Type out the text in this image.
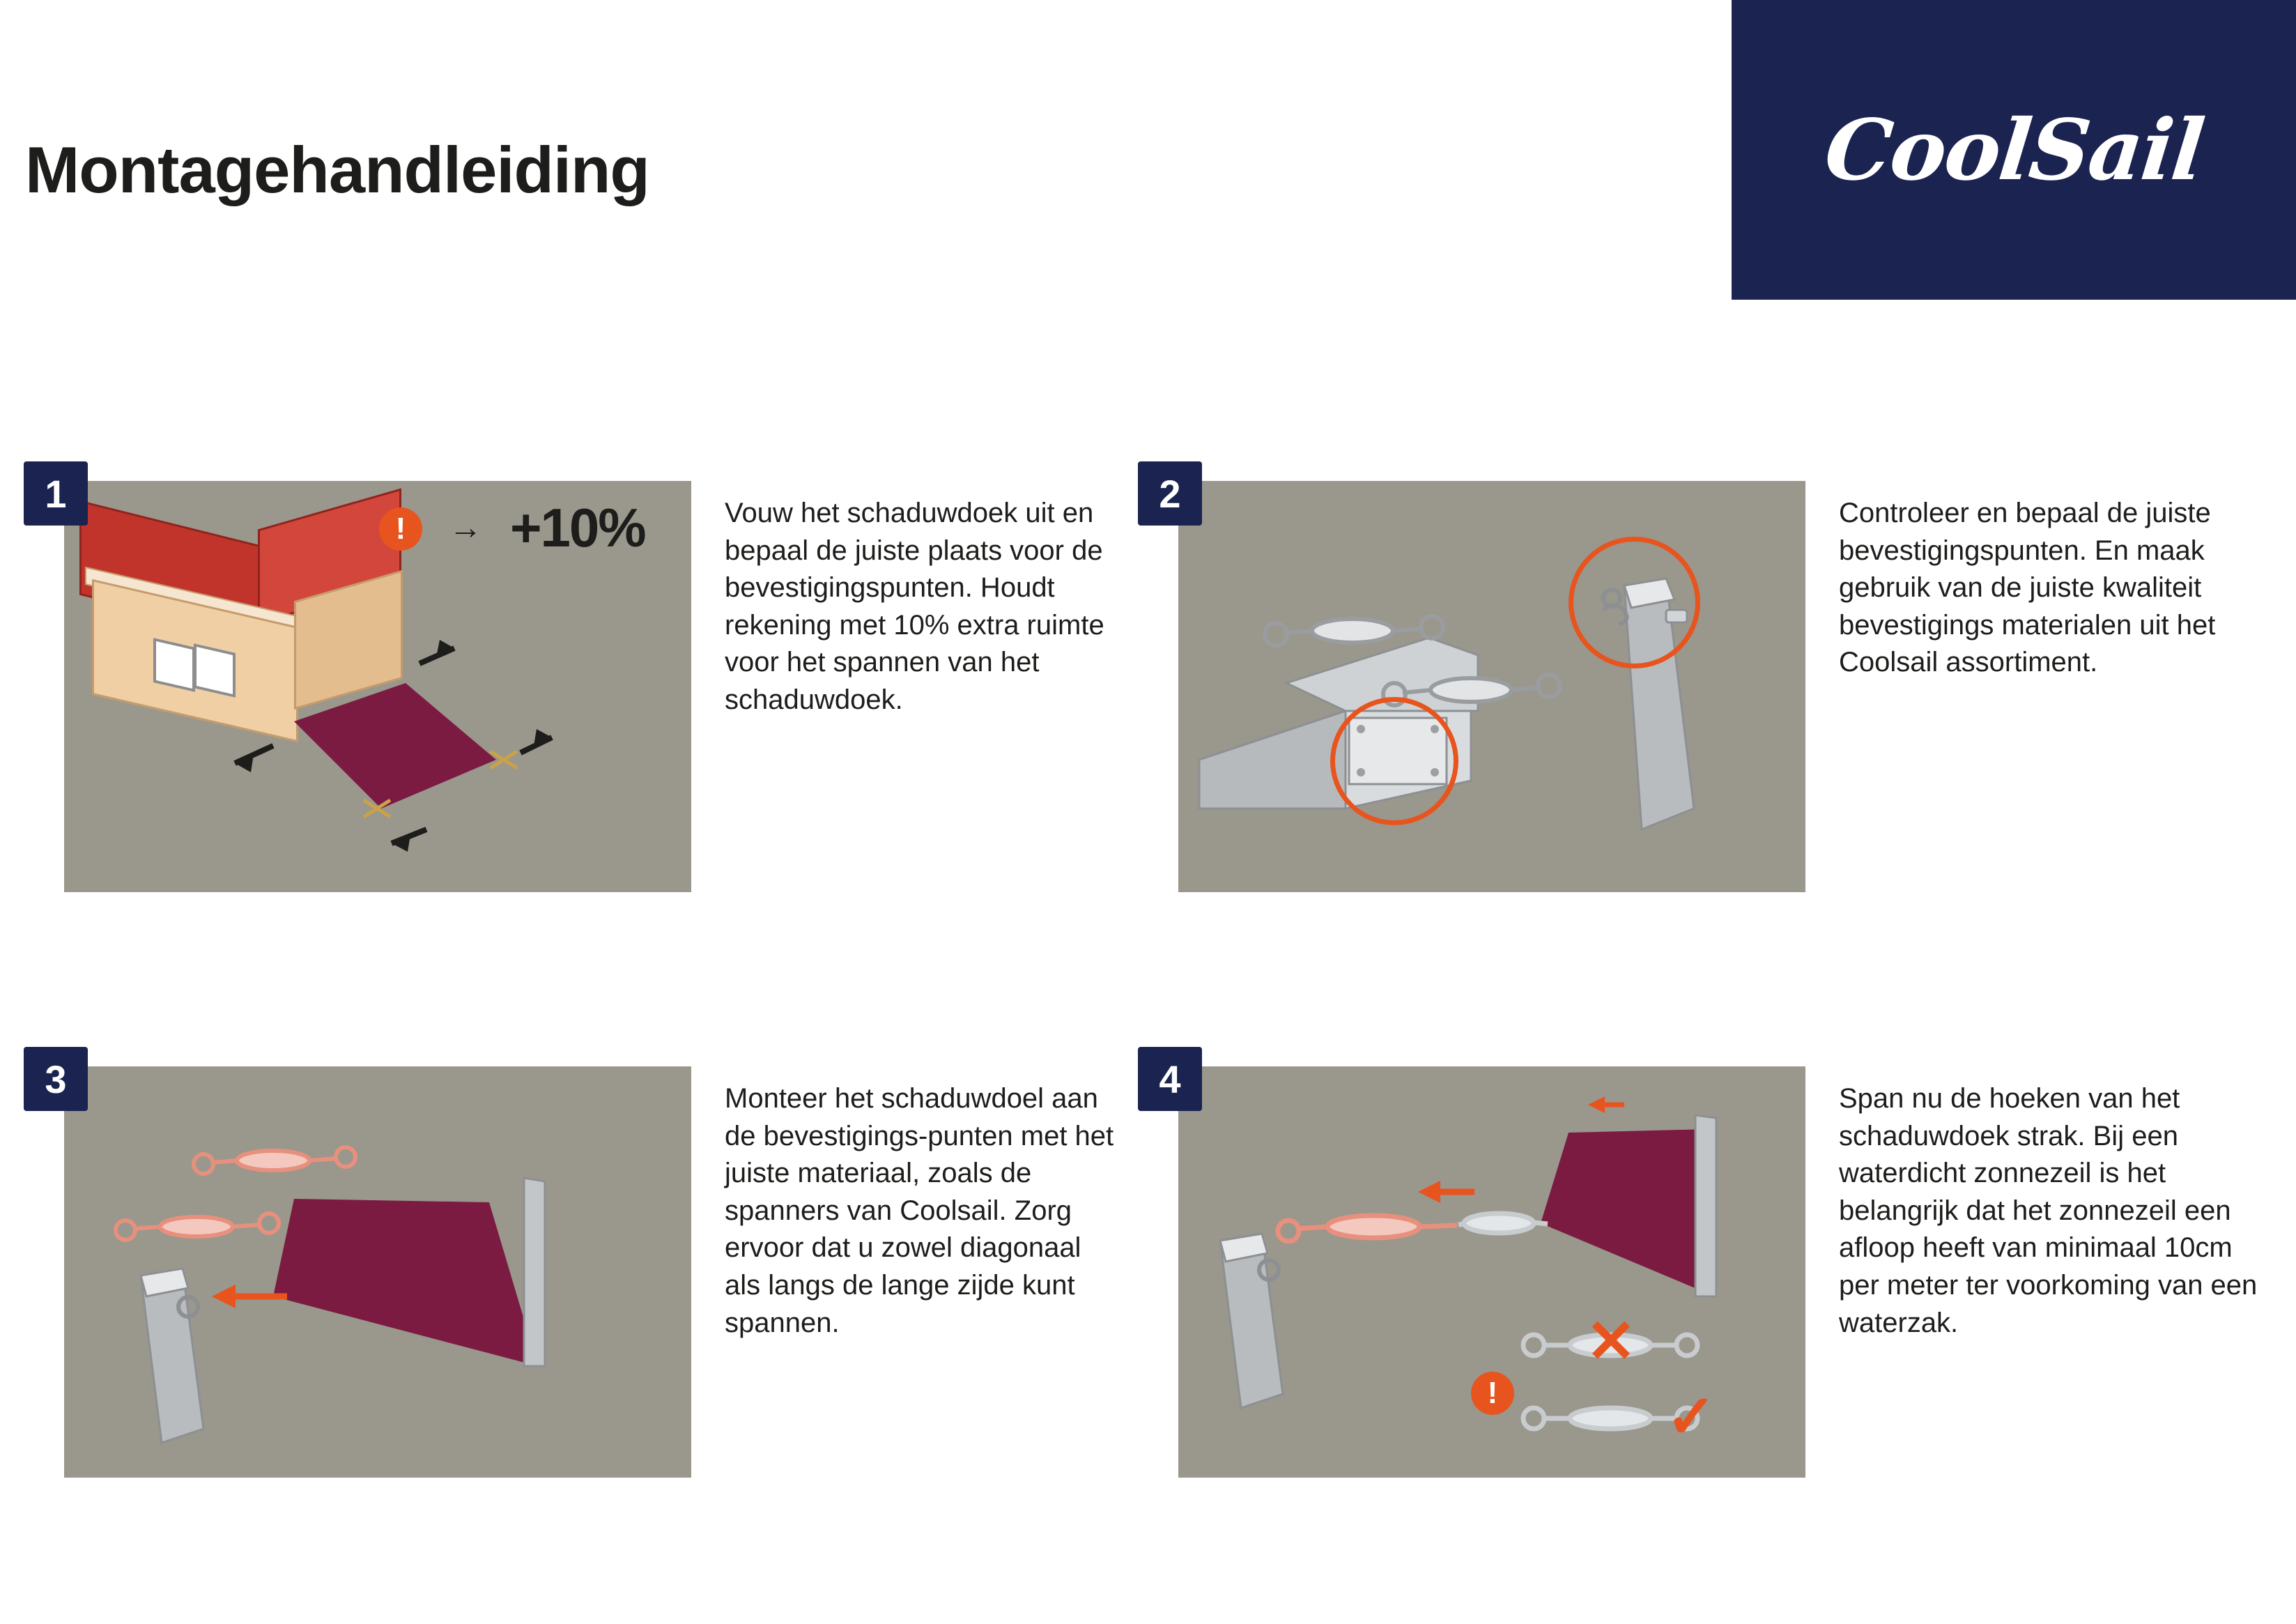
Montagehandleiding	CoolSail
1
!	→ +10%	Vouw het schaduwdoek uit en bepaal de juiste plaats voor de bevestigingspunten. Houdt rekening met 10% extra ruimte voor het spannen van het schaduwdoek.
2	Controleer en bepaal de juiste bevestigingspunten. En maak gebruik van de juiste kwaliteit bevestigings materialen uit het Coolsail assortiment.
3	Monteer het schaduwdoel aan de bevestigings-punten met het juiste materiaal, zoals de spanners van Coolsail. Zorg ervoor dat u zowel diagonaal als langs de lange zijde kunt spannen.
4
✕
✓
!
Span nu de hoeken van het schaduwdoek strak. Bij een waterdicht zonnezeil is het belangrijk dat het zonnezeil een afloop heeft van minimaal 10cm per meter ter voorkoming van een waterzak.
